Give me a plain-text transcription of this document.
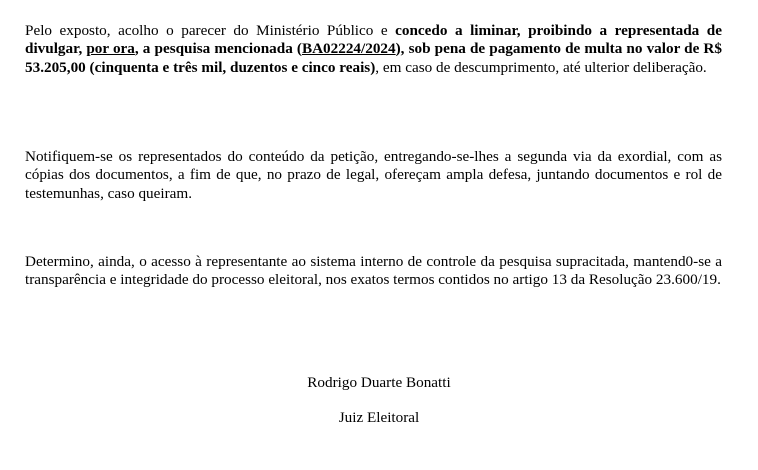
Pelo exposto, acolho o parecer do Ministério Público e concedo a liminar, proibindo a representada de divulgar, por ora, a pesquisa mencionada (BA02224/2024), sob pena de pagamento de multa no valor de R$ 53.205,00 (cinquenta e três mil, duzentos e cinco reais), em caso de descumprimento, até ulterior deliberação.

Notifiquem-se os representados do conteúdo da petição, entregando-se-lhes a segunda via da exordial, com as cópias dos documentos, a fim de que, no prazo de legal, ofereçam ampla defesa, juntando documentos e rol de testemunhas, caso queiram.

Determino, ainda, o acesso à representante ao sistema interno de controle da pesquisa supracitada, mantend0-se a transparência e integridade do processo eleitoral, nos exatos termos contidos no artigo 13 da Resolução 23.600/19.

Rodrigo Duarte Bonatti

Juiz Eleitoral
